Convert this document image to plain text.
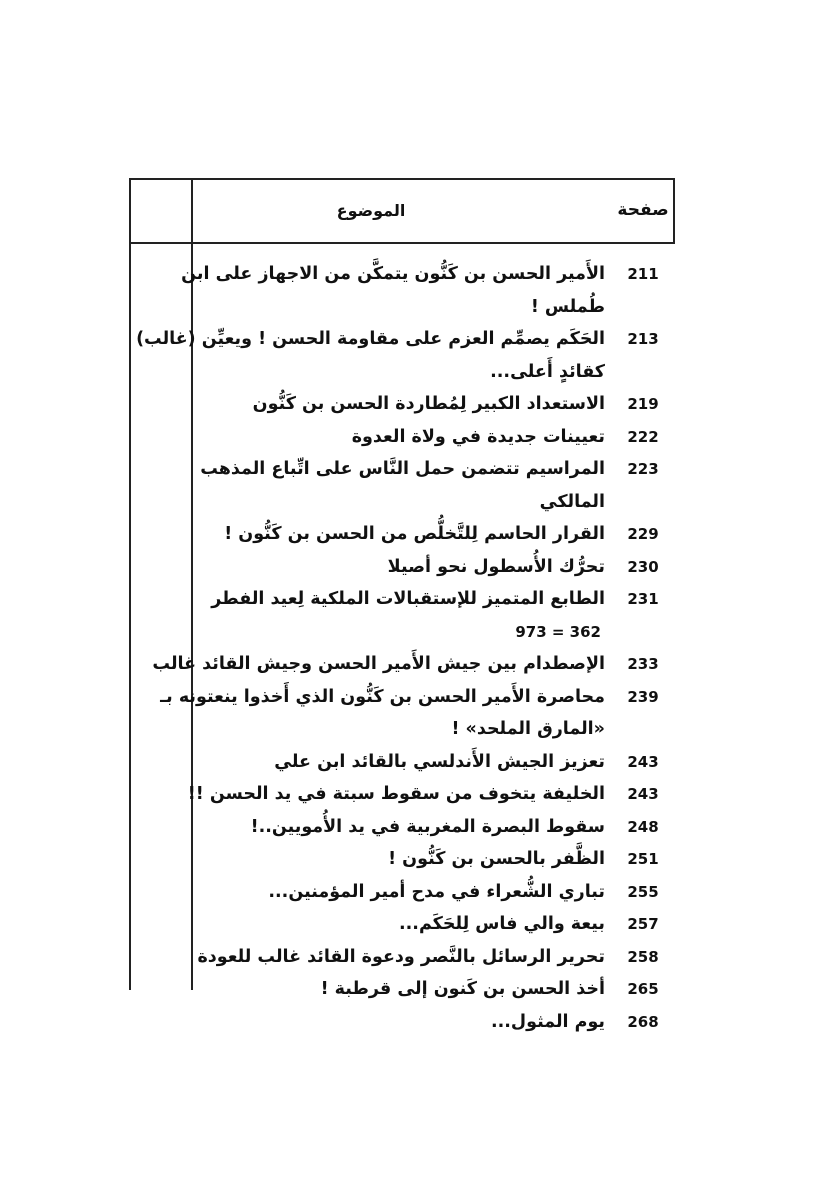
صفحة
الموضوع
211
الأَمير الحسن بن كَنُّون يتمكَّن من الاجهاز على ابن طُملس !
213
الحَكَم يصمِّم العزم على مقاومة الحسن ! ويعيِّن (غالب) كقائدٍ أَعلى...
219
الاستعداد الكبير لِمُطاردة الحسن بن كَنُّون
222
تعيينات جديدة في ولاة العدوة
223
المراسيم تتضمن حمل النَّاس على اتِّباع المذهب المالكي
229
القرار الحاسم لِلتَّخلُّص من الحسن بن كَنُّون !
230
تحرُّك الأُسطول نحو أصيلا
231
الطابع المتميز للإستقبالات الملكية لِعيد الفطر
973 = 362
233
الإصطدام بين جيش الأَمير الحسن وجيش القائد غالب
239
محاصرة الأَمير الحسن بن كَنُّون الذي أَخذوا ينعتونه بـ «المارق الملحد» !
243
تعزيز الجيش الأَندلسي بالقائد ابن علي
243
الخليفة يتخوف من سقوط سبتة في يد الحسن !!
248
سقوط البصرة المغربية في يد الأُمويين..!
251
الظَّفر بالحسن بن كَنُّون !
255
تباري الشُّعراء في مدح أمير المؤمنين...
257
بيعة والي فاس لِلحَكَم...
258
تحرير الرسائل بالنَّصر ودعوة القائد غالب للعودة
265
أخذ الحسن بن كَنون إلى قرطبة !
268
يوم المثول...
